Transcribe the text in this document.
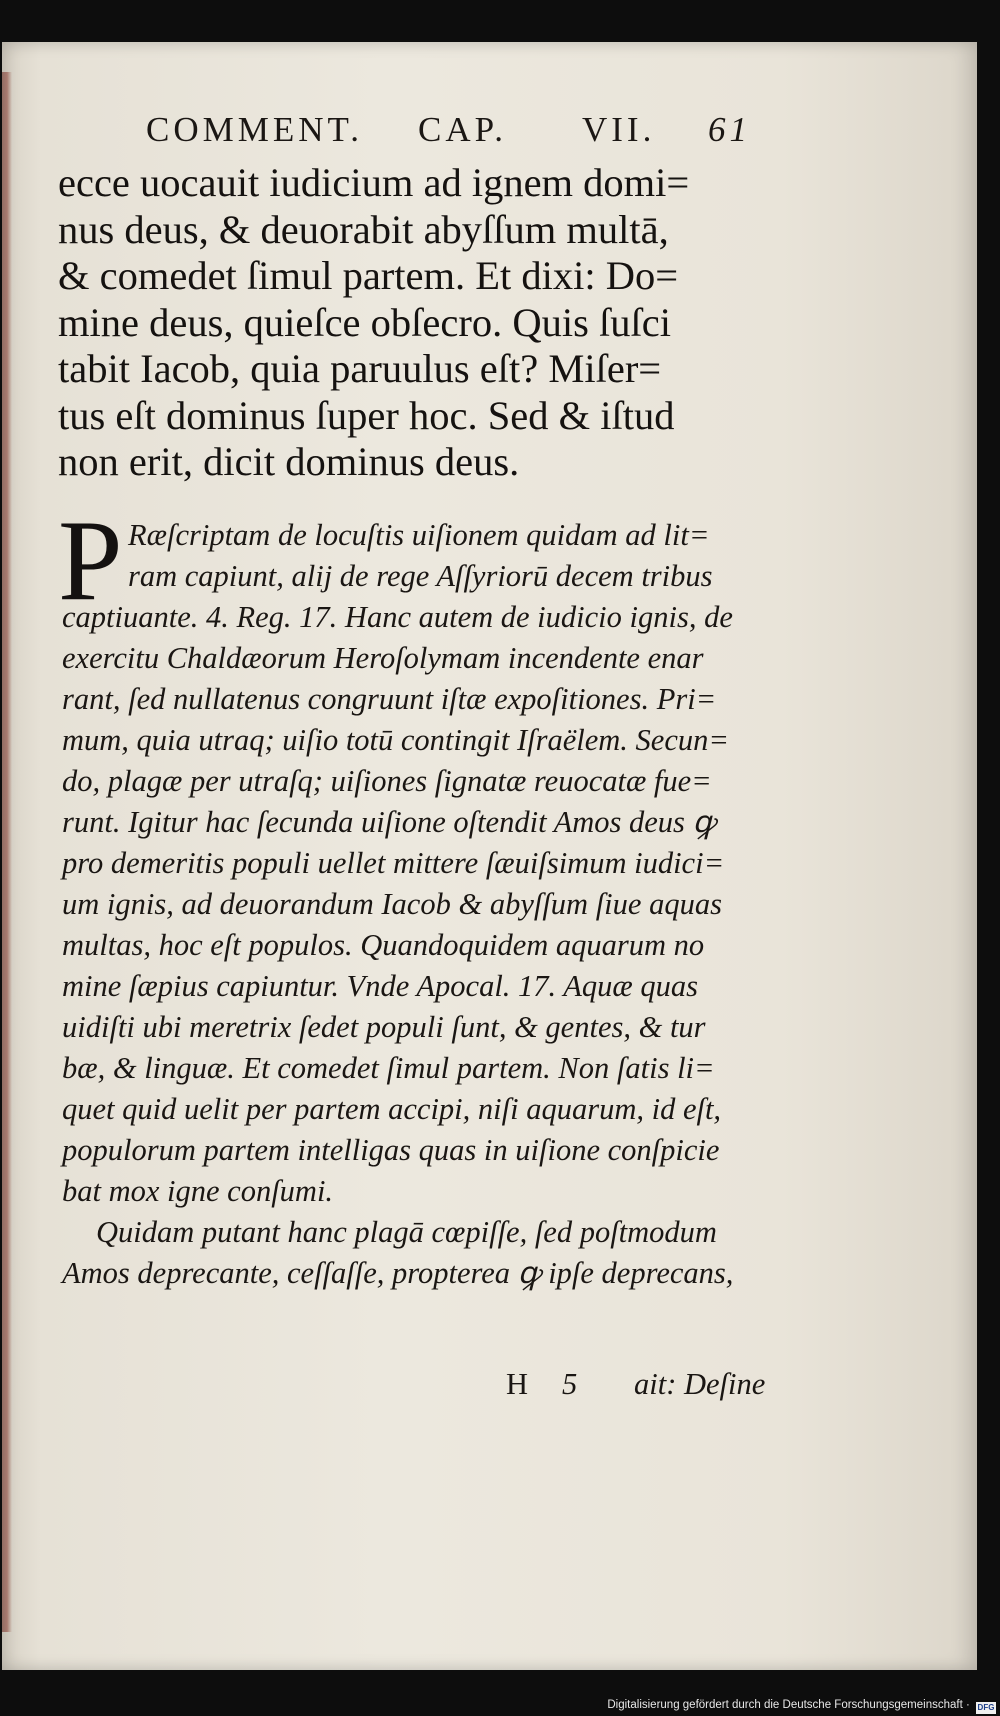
COMMENT. CAP. VII. 61
ecce uocauit iudicium ad ignem domi=
nus deus, & deuorabit abyſſum multā,
& comedet ſimul partem. Et dixi: Do=
mine deus, quieſce obſecro. Quis ſuſci
tabit Iacob, quia paruulus eſt? Miſer=
tus eſt dominus ſuper hoc. Sed & iſtud
non erit, dicit dominus deus.
P Ræſcriptam de locuſtis uiſionem quidam ad lit=
ram capiunt, alij de rege Aſſyriorū decem tribus
captiuante. 4. Reg. 17. Hanc autem de iudicio ignis, de
exercitu Chaldæorum Heroſolymam incendente enar
rant, ſed nullatenus congruunt iſtæ expoſitiones. Pri=
mum, quia utraq; uiſio totū contingit Iſraëlem. Secun=
do, plagæ per utraſq; uiſiones ſignatæ reuocatæ fue=
runt. Igitur hac ſecunda uiſione oſtendit Amos deus ꝙ
pro demeritis populi uellet mittere ſæuiſsimum iudici=
um ignis, ad deuorandum Iacob & abyſſum ſiue aquas
multas, hoc eſt populos. Quandoquidem aquarum no
mine ſæpius capiuntur. Vnde Apocal. 17. Aquæ quas
uidiſti ubi meretrix ſedet populi ſunt, & gentes, & tur
bæ, & linguæ. Et comedet ſimul partem. Non ſatis li=
quet quid uelit per partem accipi, niſi aquarum, id eſt,
populorum partem intelligas quas in uiſione conſpicie
bat mox igne conſumi.
Quidam putant hanc plagā cœpiſſe, ſed poſtmodum
Amos deprecante, ceſſaſſe, propterea ꝙ ipſe deprecans,
H 5 ait: Deſine
Digitalisierung gefördert durch die Deutsche Forschungsgemeinschaft · DFG
